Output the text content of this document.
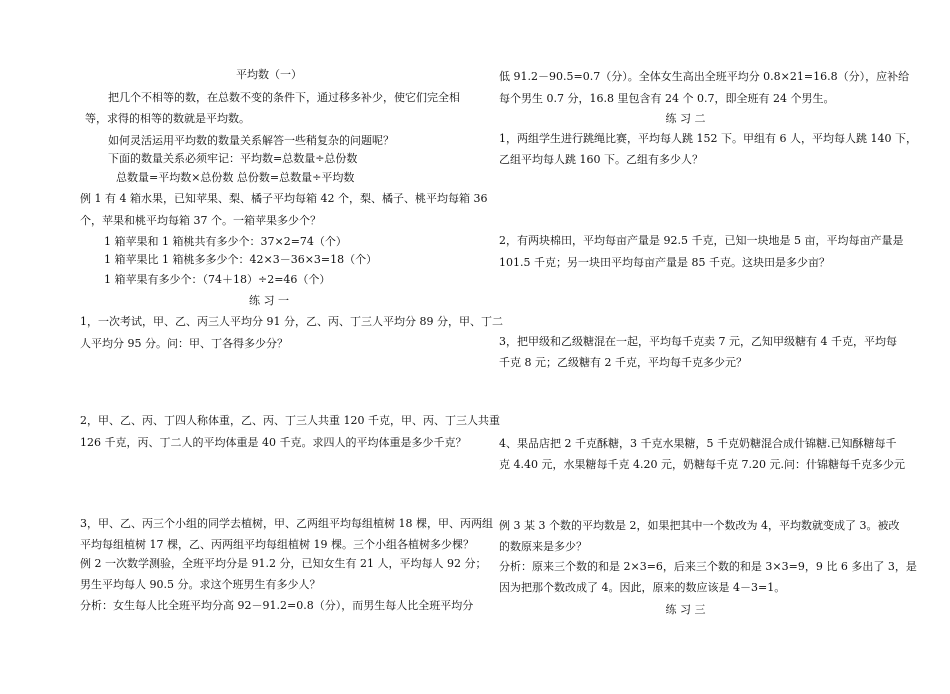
平均数（一）
把几个不相等的数，在总数不变的条件下，通过移多补少，使它们完全相
等，求得的相等的数就是平均数。
如何灵活运用平均数的数量关系解答一些稍复杂的问题呢？
下面的数量关系必须牢记：平均数=总数量÷总份数
总数量=平均数×总份数 总份数=总数量÷平均数
例 1 有 4 箱水果，已知苹果、梨、橘子平均每箱 42 个，梨、橘子、桃平均每箱 36
个，苹果和桃平均每箱 37 个。一箱苹果多少个？
1 箱苹果和 1 箱桃共有多少个：37×2=74（个）
1 箱苹果比 1 箱桃多多少个：42×3－36×3=18（个）
1 箱苹果有多少个：（74＋18）÷2=46（个）
练 习 一
1，一次考试，甲、乙、丙三人平均分 91 分，乙、丙、丁三人平均分 89 分，甲、丁二
人平均分 95 分。问：甲、丁各得多少分？
2，甲、乙、丙、丁四人称体重，乙、丙、丁三人共重 120 千克，甲、丙、丁三人共重
126 千克，丙、丁二人的平均体重是 40 千克。求四人的平均体重是多少千克？
3，甲、乙、丙三个小组的同学去植树，甲、乙两组平均每组植树 18 棵，甲、丙两组
平均每组植树 17 棵，乙、丙两组平均每组植树 19 棵。三个小组各植树多少棵？
例 2 一次数学测验，全班平均分是 91.2 分，已知女生有 21 人，平均每人 92 分；
男生平均每人 90.5 分。求这个班男生有多少人？
分析：女生每人比全班平均分高 92－91.2=0.8（分），而男生每人比全班平均分
低 91.2－90.5=0.7（分）。全体女生高出全班平均分 0.8×21=16.8（分），应补给
每个男生 0.7 分，16.8 里包含有 24 个 0.7，即全班有 24 个男生。
练 习 二
1，两组学生进行跳绳比赛，平均每人跳 152 下。甲组有 6 人，平均每人跳 140 下，
乙组平均每人跳 160 下。乙组有多少人？
2，有两块棉田，平均每亩产量是 92.5 千克，已知一块地是 5 亩，平均每亩产量是
101.5 千克；另一块田平均每亩产量是 85 千克。这块田是多少亩？
3，把甲级和乙级糖混在一起，平均每千克卖 7 元，乙知甲级糖有 4 千克，平均每
千克 8 元；乙级糖有 2 千克，平均每千克多少元？
4、果品店把 2 千克酥糖，3 千克水果糖，5 千克奶糖混合成什锦糖.已知酥糖每千
克 4.40 元，水果糖每千克 4.20 元，奶糖每千克 7.20 元.问：什锦糖每千克多少元
例 3 某 3 个数的平均数是 2，如果把其中一个数改为 4，平均数就变成了 3。被改
的数原来是多少？
分析：原来三个数的和是 2×3=6，后来三个数的和是 3×3=9，9 比 6 多出了 3，是
因为把那个数改成了 4。因此，原来的数应该是 4－3=1。
练 习 三
